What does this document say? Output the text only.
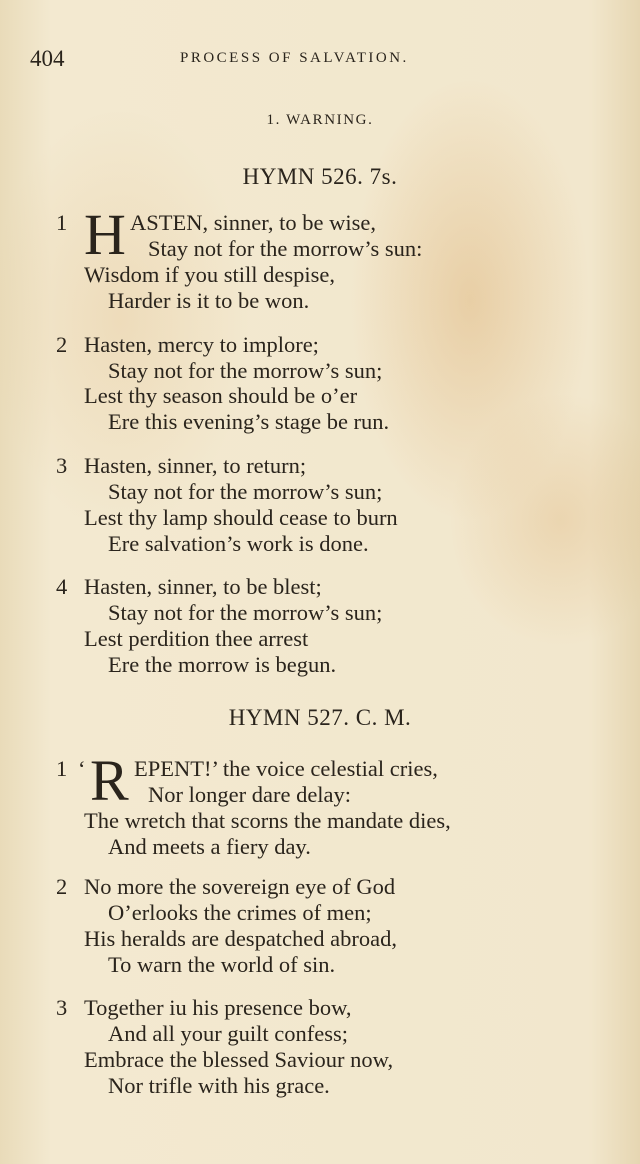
404	PROCESS OF SALVATION.
1. WARNING.
HYMN 526. 7s.
1 H ASTEN, sinner, to be wise,
Stay not for the morrow’s sun:
Wisdom if you still despise,
Harder is it to be won.
2 Hasten, mercy to implore;
Stay not for the morrow’s sun;
Lest thy season should be o’er
Ere this evening’s stage be run.
3 Hasten, sinner, to return;
Stay not for the morrow’s sun;
Lest thy lamp should cease to burn
Ere salvation’s work is done.
4 Hasten, sinner, to be blest;
Stay not for the morrow’s sun;
Lest perdition thee arrest
Ere the morrow is begun.
HYMN 527. C. M.
1 ‘ R EPENT!’ the voice celestial cries,
Nor longer dare delay:
The wretch that scorns the mandate dies,
And meets a fiery day.
2 No more the sovereign eye of God
O’erlooks the crimes of men;
His heralds are despatched abroad,
To warn the world of sin.
3 Together iu his presence bow,
And all your guilt confess;
Embrace the blessed Saviour now,
Nor trifle with his grace.
